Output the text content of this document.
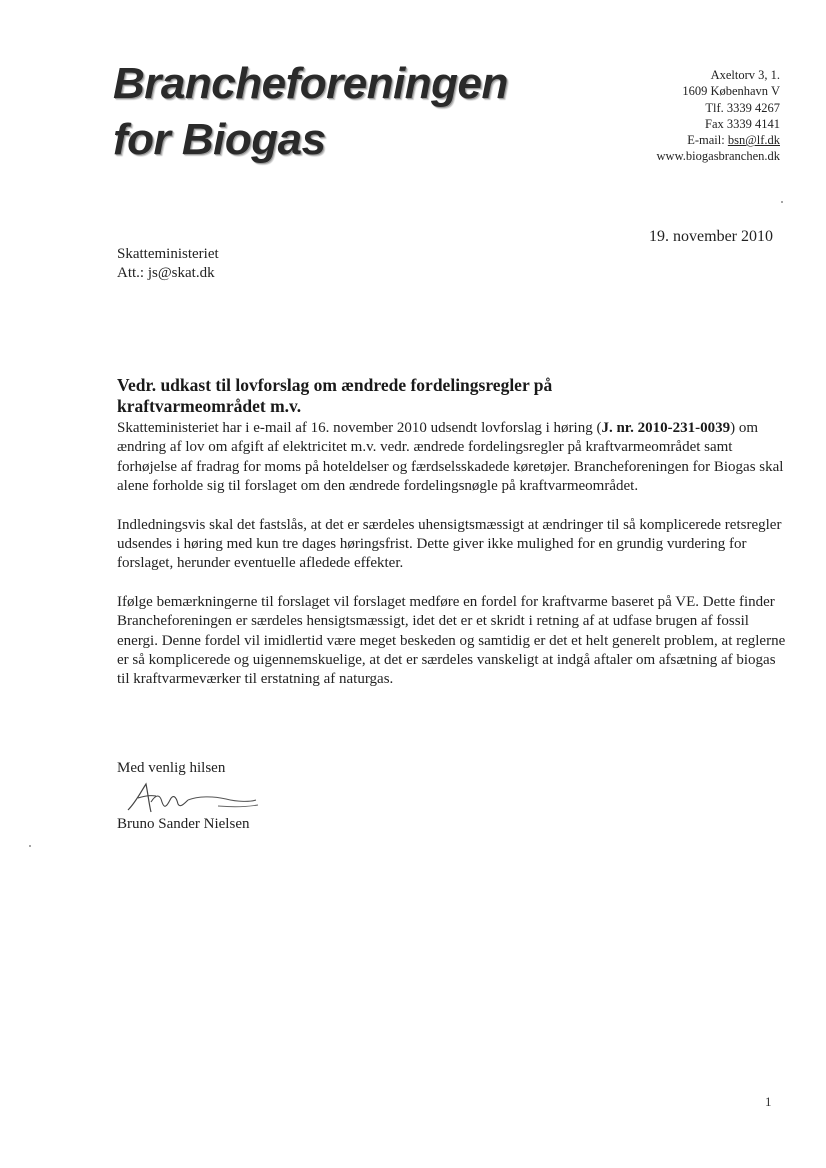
Brancheforeningen
for Biogas
Axeltorv 3, 1.
1609 København V
Tlf. 3339 4267
Fax 3339 4141
E-mail: bsn@lf.dk
www.biogasbranchen.dk
19. november 2010
Skatteministeriet
Att.: js@skat.dk
Vedr. udkast til lovforslag om ændrede fordelingsregler på kraftvarmeområdet m.v.

Skatteministeriet har i e-mail af 16. november 2010 udsendt lovforslag i høring (J. nr. 2010-231-0039) om ændring af lov om afgift af elektricitet m.v. vedr. ændrede fordelingsregler på kraftvarmeområdet samt forhøjelse af fradrag for moms på hoteldelser og færdselsskadede køretøjer. Brancheforeningen for Biogas skal alene forholde sig til forslaget om den ændrede fordelingsnøgle på kraftvarmeområdet.

Indledningsvis skal det fastslås, at det er særdeles uhensigtsmæssigt at ændringer til så komplicerede retsregler udsendes i høring med kun tre dages høringsfrist. Dette giver ikke mulighed for en grundig vurdering for forslaget, herunder eventuelle afledede effekter.

Ifølge bemærkningerne til forslaget vil forslaget medføre en fordel for kraftvarme baseret på VE. Dette finder Brancheforeningen er særdeles hensigtsmæssigt, idet det er et skridt i retning af at udfase brugen af fossil energi. Denne fordel vil imidlertid være meget beskeden og samtidig er det et helt generelt problem, at reglerne er så komplicerede og uigennemskuelige, at det er særdeles vanskeligt at indgå aftaler om afsætning af biogas til kraftvarmeværker til erstatning af naturgas.

Med venlig hilsen
Bruno Sander Nielsen
1
